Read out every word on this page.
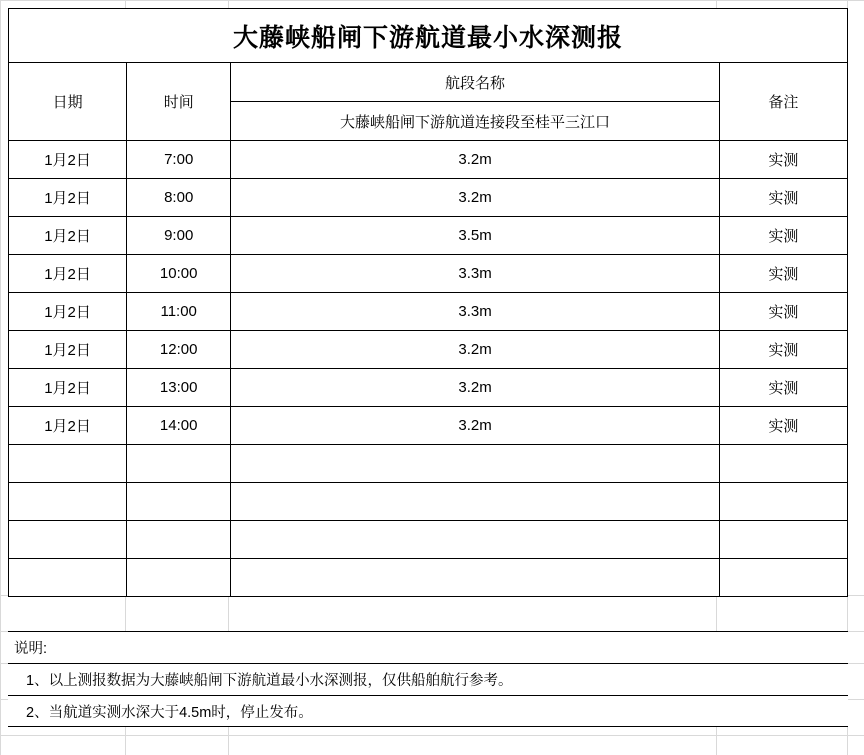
大藤峡船闸下游航道最小水深测报
日期	时间	航段名称	备注
		大藤峡船闸下游航道连接段至桂平三江口	
1月2日	7:00	3.2m	实测
1月2日	8:00	3.2m	实测
1月2日	9:00	3.5m	实测
1月2日	10:00	3.3m	实测
1月2日	11:00	3.3m	实测
1月2日	12:00	3.2m	实测
1月2日	13:00	3.2m	实测
1月2日	14:00	3.2m	实测

说明:
1、以上测报数据为大藤峡船闸下游航道最小水深测报，仅供船舶航行参考。
2、当航道实测水深大于4.5m时，停止发布。
